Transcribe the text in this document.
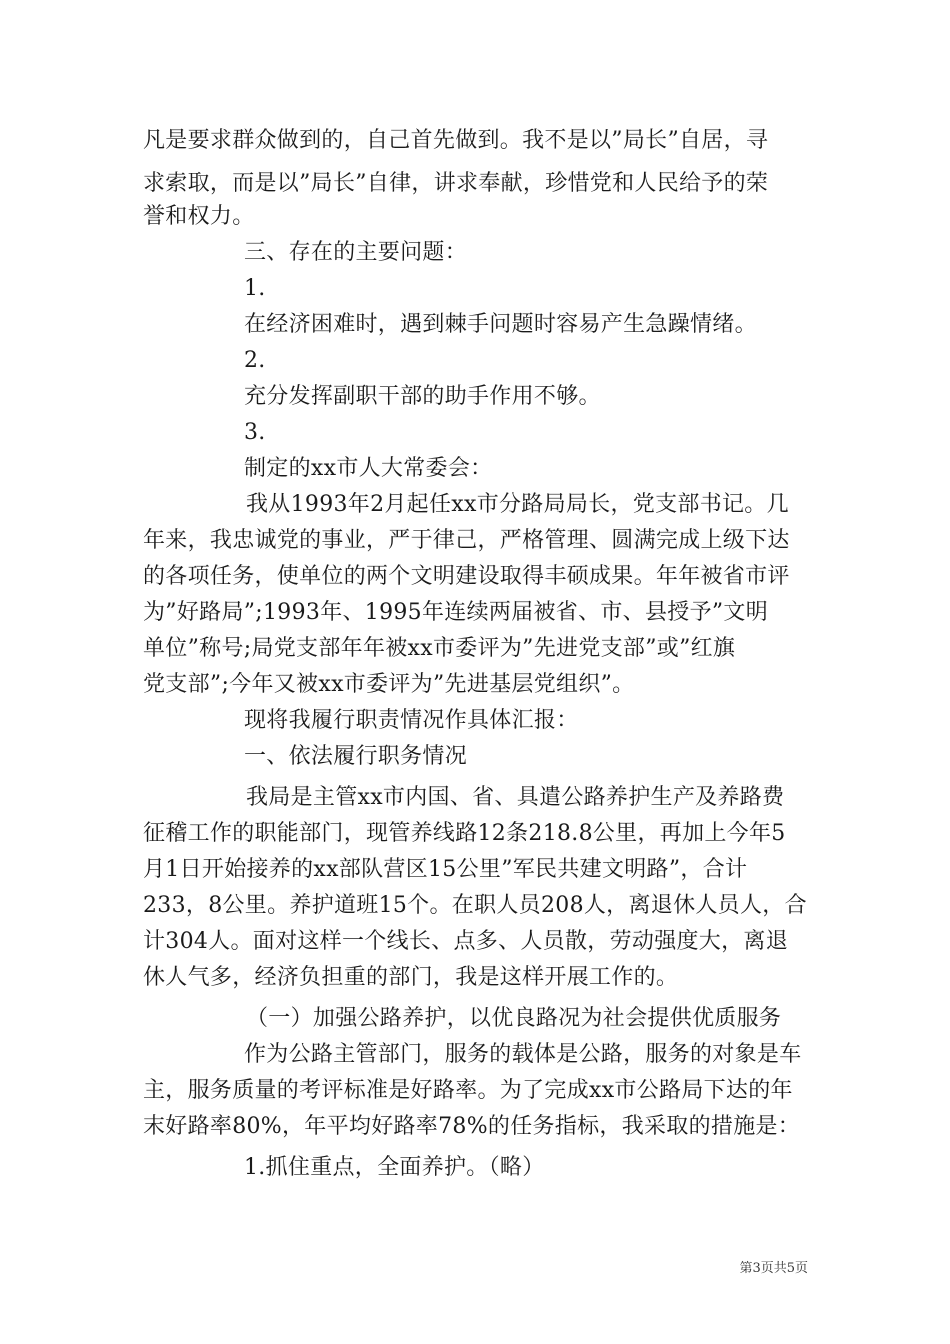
凡是要求群众做到的，自己首先做到。我不是以”局长”自居，寻
求索取，而是以”局长”自律，讲求奉献，珍惜党和人民给予的荣
誉和权力。
三、存在的主要问题：
1.
在经济困难时，遇到棘手问题时容易产生急躁情绪。
2.
充分发挥副职干部的助手作用不够。
3.
制定的xx市人大常委会：
我从1993年2月起任xx市分路局局长，党支部书记。几
年来，我忠诚党的事业，严于律己，严格管理、圆满完成上级下达
的各项任务，使单位的两个文明建设取得丰硕成果。年年被省市评
为”好路局”;1993年、1995年连续两届被省、市、县授予”文明
单位”称号;局党支部年年被xx市委评为”先进党支部”或”红旗
党支部”;今年又被xx市委评为”先进基层党组织”。
现将我履行职责情况作具体汇报：
一、依法履行职务情况
我局是主管xx市内国、省、具遣公路养护生产及养路费
征稽工作的职能部门，现管养线路12条218.8公里，再加上今年5
月1日开始接养的xx部队营区15公里”军民共建文明路”，合计
233，8公里。养护道班15个。在职人员208人，离退休人员人，合
计304人。面对这样一个线长、点多、人员散，劳动强度大，离退
休人气多，经济负担重的部门，我是这样开展工作的。
（一）加强公路养护，以优良路况为社会提供优质服务
作为公路主管部门，服务的载体是公路，服务的对象是车
主，服务质量的考评标准是好路率。为了完成xx市公路局下达的年
末好路率80%，年平均好路率78%的任务指标，我采取的措施是：
1.抓住重点，全面养护。（略）
第3页共5页
